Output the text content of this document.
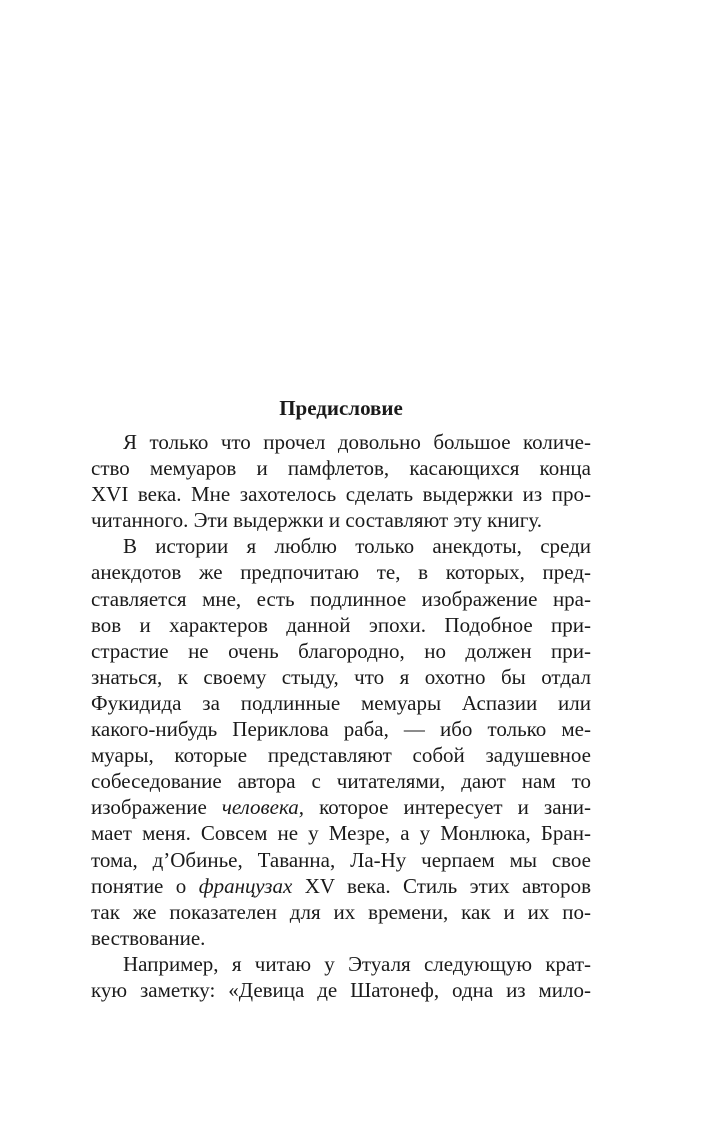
Предисловие
Я только что прочел довольно большое количе-
ство мемуаров и памфлетов, касающихся конца
XVI века. Мне захотелось сделать выдержки из про-
читанного. Эти выдержки и составляют эту книгу.
В истории я люблю только анекдоты, среди
анекдотов же предпочитаю те, в которых, пред-
ставляется мне, есть подлинное изображение нра-
вов и характеров данной эпохи. Подобное при-
страстие не очень благородно, но должен при-
знаться, к своему стыду, что я охотно бы отдал
Фукидида за подлинные мемуары Аспазии или
какого-нибудь Периклова раба, — ибо только ме-
муары, которые представляют собой задушевное
собеседование автора с читателями, дают нам то
изображение человека, которое интересует и зани-
мает меня. Совсем не у Мезре, а у Монлюка, Бран-
тома, д’Обинье, Таванна, Ла-Ну черпаем мы свое
понятие о французах XV века. Стиль этих авторов
так же показателен для их времени, как и их по-
вествование.
Например, я читаю у Этуаля следующую крат-
кую заметку: «Девица де Шатонеф, одна из мило-
